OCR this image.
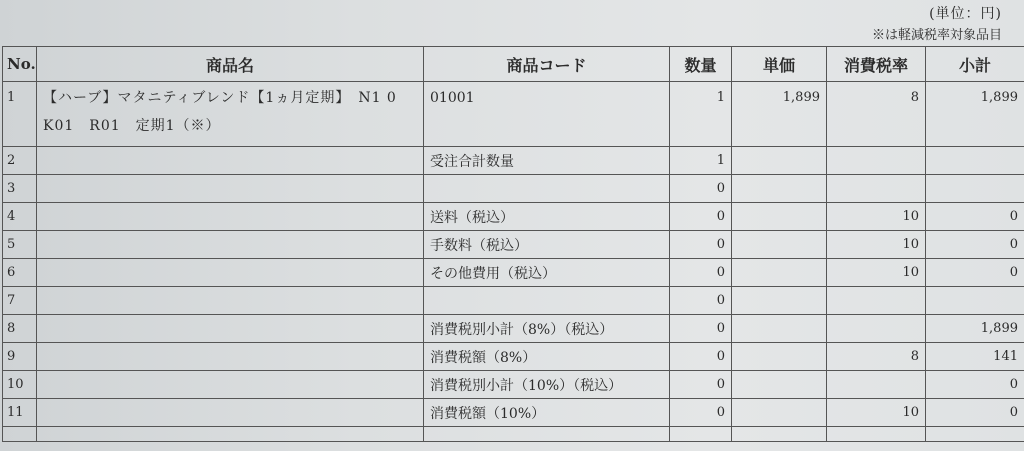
(単位：円)
※は軽減税率対象品目
No.	商品名	商品コード	数量	単価	消費税率	小計
1	【ハーブ】マタニティブレンド【1ヵ月定期】　N1 0　K01　R01　定期1（※）	01001	1	1,899	8	1,899
2		受注合計数量	1			
3			0			
4		送料（税込）	0		10	0
5		手数料（税込）	0		10	0
6		その他費用（税込）	0		10	0
7			0			
8		消費税別小計（8%）（税込）	0			1,899
9		消費税額（8%）	0		8	141
10		消費税別小計（10%）（税込）	0			0
11		消費税額（10%）	0		10	0
